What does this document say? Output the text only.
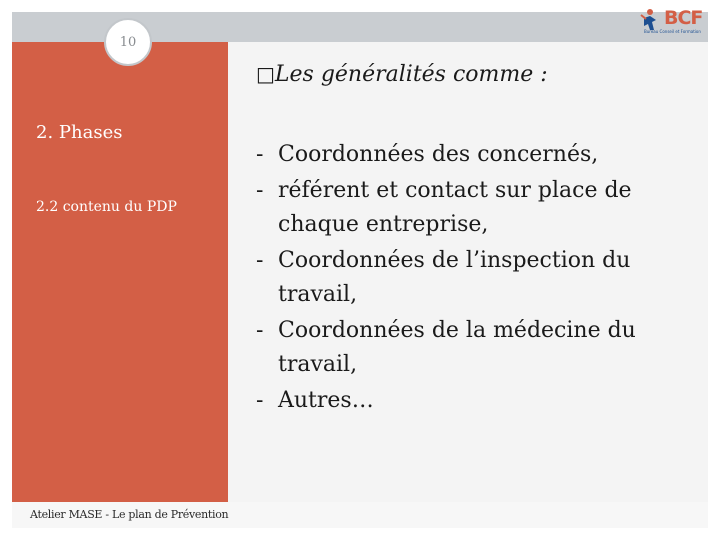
10
BCF
Bureau Conseil et Formation
□Les généralités comme :
2. Phases
2.2 contenu du PDP
- Coordonnées des concernés,
- référent et contact sur place de chaque entreprise,
- Coordonnées de l’inspection du travail,
- Coordonnées de la médecine du travail,
- Autres…
Atelier MASE - Le plan de Prévention
